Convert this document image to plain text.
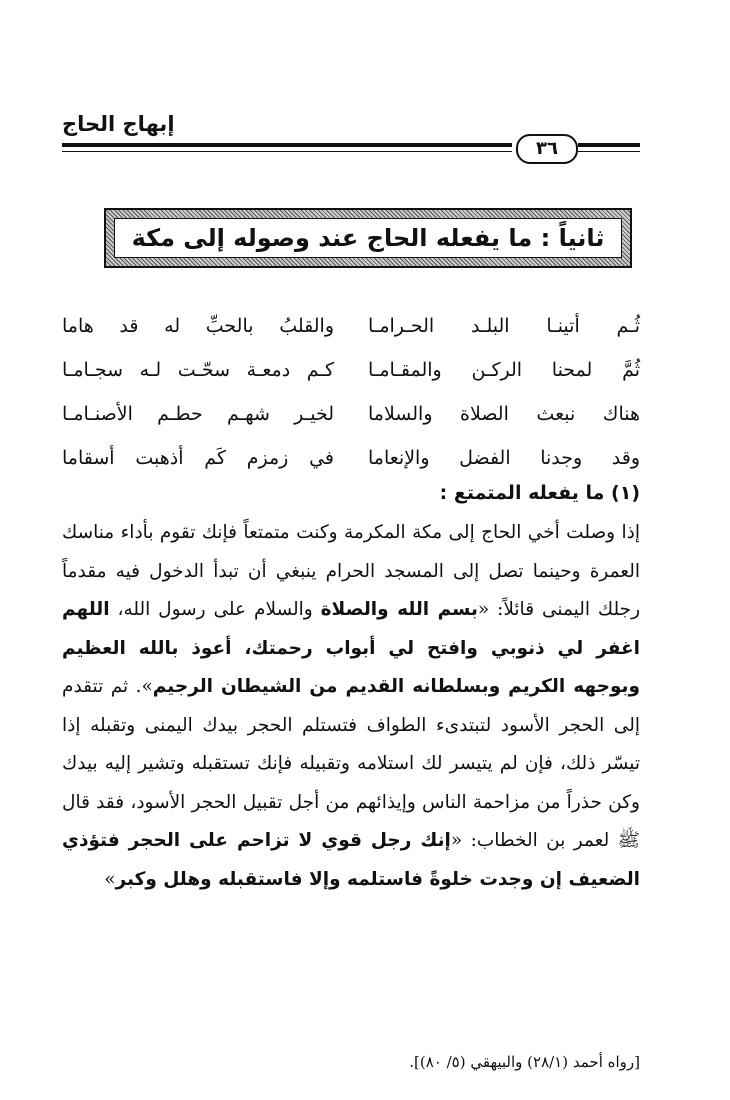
إبهاج الحاج
٣٦
ثانياً : ما يفعله الحاج عند وصوله إلى مكة
ثُـم أتينـا البلـد الحـرامـا
والقلبُ بالحبِّ له قد هاما
ثُمَّ لمحنا الركـن والمقـامـا
كـم دمعـة سحّـت لـه سجـامـا
هناك نبعث الصلاة والسلاما
لخيـر شهـم حطـم الأصنـامـا
وقد وجدنا الفضل والإنعاما
في زمزم كَم أذهبت أسقاما
(١) ما يفعله المتمتع :
إذا وصلت أخي الحاج إلى مكة المكرمة وكنت متمتعاً فإنك تقوم بأداء مناسك العمرة وحينما تصل إلى المسجد الحرام ينبغي أن تبدأ الدخول فيه مقدماً رجلك اليمنى قائلاً: «بسم الله والصلاة والسلام على رسول الله، اللهم اغفر لي ذنوبي وافتح لي أبواب رحمتك، أعوذ بالله العظيم وبوجهه الكريم وبسلطانه القديم من الشيطان الرجيم». ثم تتقدم إلى الحجر الأسود لتبتدىء الطواف فتستلم الحجر بيدك اليمنى وتقبله إذا تيسّر ذلك، فإن لم يتيسر لك استلامه وتقبيله فإنك تستقبله وتشير إليه بيدك وكن حذراً من مزاحمة الناس وإيذائهم من أجل تقبيل الحجر الأسود، فقد قال ﷺ لعمر بن الخطاب: «إنك رجل قوي لا تزاحم على الحجر فتؤذي الضعيف إن وجدت خلوةً فاستلمه وإلا فاستقبله وهلل وكبر»
[رواه أحمد (٢٨/١) والبيهقي (٥/ ٨٠)].
